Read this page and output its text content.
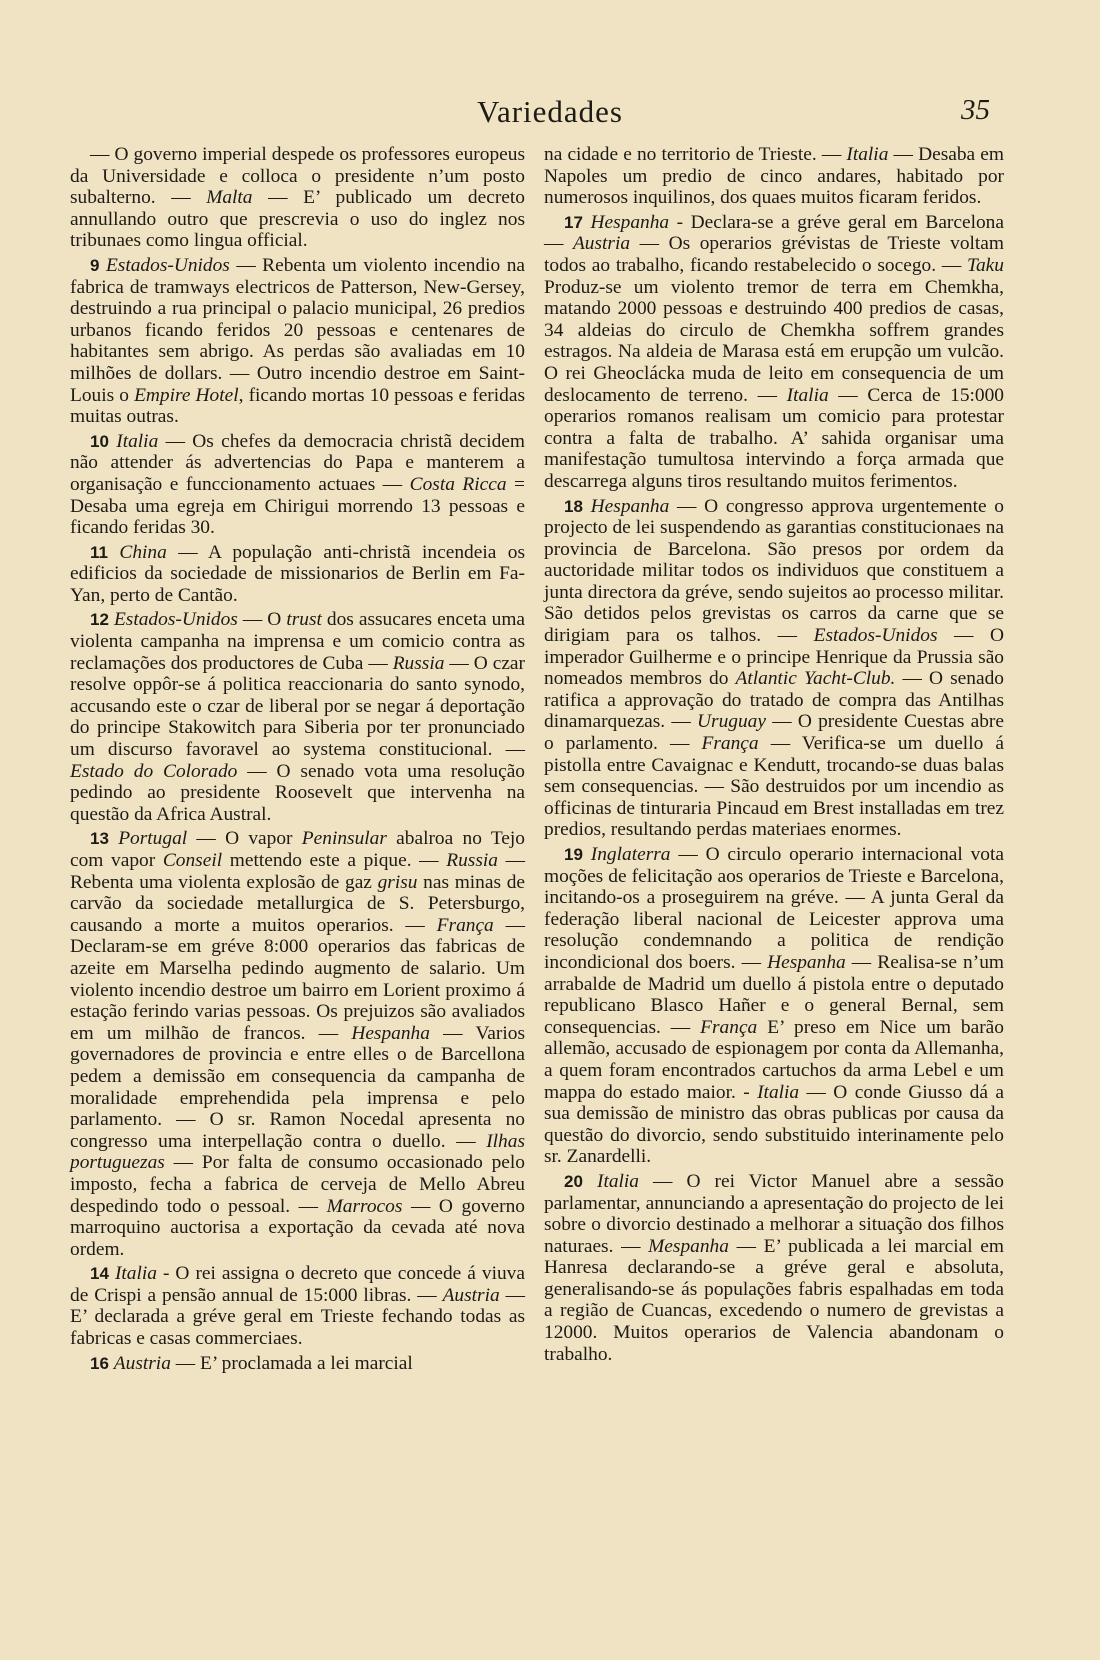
Variedades	35

— O governo imperial despede os professores europeus da Universidade e colloca o presidente n’um posto subalterno. — Malta — E’ publicado um decreto annullando outro que prescrevia o uso do inglez nos tribunaes como lingua official.

9 Estados-Unidos — Rebenta um violento incendio na fabrica de tramways electricos de Patterson, New-Gersey, destruindo a rua principal o palacio municipal, 26 predios urbanos ficando feridos 20 pessoas e centenares de habitantes sem abrigo. As perdas são avaliadas em 10 milhões de dollars. — Outro incendio destroe em Saint-Louis o Empire Hotel, ficando mortas 10 pessoas e feridas muitas outras.

10 Italia — Os chefes da democracia christã decidem não attender ás advertencias do Papa e manterem a organisação e funccionamento actuaes — Costa Ricca = Desaba uma egreja em Chirigui morrendo 13 pessoas e ficando feridas 30.

11 China — A população anti-christã incendeia os edificios da sociedade de missionarios de Berlin em Fa-Yan, perto de Cantão.

12 Estados-Unidos — O trust dos assucares enceta uma violenta campanha na imprensa e um comicio contra as reclamações dos productores de Cuba — Russia — O czar resolve oppôr-se á politica reaccionaria do santo synodo, accusando este o czar de liberal por se negar á deportação do principe Stakowitch para Siberia por ter pronunciado um discurso favoravel ao systema constitucional. — Estado do Colorado — O senado vota uma resolução pedindo ao presidente Roosevelt que intervenha na questão da Africa Austral.

13 Portugal — O vapor Peninsular abalroa no Tejo com vapor Conseil mettendo este a pique. — Russia — Rebenta uma violenta explosão de gaz grisu nas minas de carvão da sociedade metallurgica de S. Petersburgo, causando a morte a muitos operarios. — França — Declaram-se em gréve 8:000 operarios das fabricas de azeite em Marselha pedindo augmento de salario. Um violento incendio destroe um bairro em Lorient proximo á estação ferindo varias pessoas. Os prejuizos são avaliados em um milhão de francos. — Hespanha — Varios governadores de provincia e entre elles o de Barcellona pedem a demissão em consequencia da campanha de moralidade emprehendida pela imprensa e pelo parlamento. — O sr. Ramon Nocedal apresenta no congresso uma interpellação contra o duello. — Ilhas portuguezas — Por falta de consumo occasionado pelo imposto, fecha a fabrica de cerveja de Mello Abreu despedindo todo o pessoal. — Marrocos — O governo marroquino auctorisa a exportação da cevada até nova ordem.

14 Italia - O rei assigna o decreto que concede á viuva de Crispi a pensão annual de 15:000 libras. — Austria — E’ declarada a gréve geral em Trieste fechando todas as fabricas e casas commerciaes.

16 Austria — E’ proclamada a lei marcial

na cidade e no territorio de Trieste. — Italia — Desaba em Napoles um predio de cinco andares, habitado por numerosos inquilinos, dos quaes muitos ficaram feridos.

17 Hespanha - Declara-se a gréve geral em Barcelona — Austria — Os operarios grévistas de Trieste voltam todos ao trabalho, ficando restabelecido o socego. — Taku Produz-se um violento tremor de terra em Chemkha, matando 2000 pessoas e destruindo 400 predios de casas, 34 aldeias do circulo de Chemkha soffrem grandes estragos. Na aldeia de Marasa está em erupção um vulcão. O rei Gheoclácka muda de leito em consequencia de um deslocamento de terreno. — Italia — Cerca de 15:000 operarios romanos realisam um comicio para protestar contra a falta de trabalho. A’ sahida organisar uma manifestação tumultosa intervindo a força armada que descarrega alguns tiros resultando muitos ferimentos.

18 Hespanha — O congresso approva urgentemente o projecto de lei suspendendo as garantias constitucionaes na provincia de Barcelona. São presos por ordem da auctoridade militar todos os individuos que constituem a junta directora da gréve, sendo sujeitos ao processo militar. São detidos pelos grevistas os carros da carne que se dirigiam para os talhos. — Estados-Unidos — O imperador Guilherme e o principe Henrique da Prussia são nomeados membros do Atlantic Yacht-Club. — O senado ratifica a approvação do tratado de compra das Antilhas dinamarquezas. — Uruguay — O presidente Cuestas abre o parlamento. — França — Verifica-se um duello á pistolla entre Cavaignac e Kendutt, trocando-se duas balas sem consequencias. — São destruidos por um incendio as officinas de tinturaria Pincaud em Brest installadas em trez predios, resultando perdas materiaes enormes.

19 Inglaterra — O circulo operario internacional vota moções de felicitação aos operarios de Trieste e Barcelona, incitando-os a proseguirem na gréve. — A junta Geral da federação liberal nacional de Leicester approva uma resolução condemnando a politica de rendição incondicional dos boers. — Hespanha — Realisa-se n’um arrabalde de Madrid um duello á pistola entre o deputado republicano Blasco Hañer e o general Bernal, sem consequencias. — França E’ preso em Nice um barão allemão, accusado de espionagem por conta da Allemanha, a quem foram encontrados cartuchos da arma Lebel e um mappa do estado maior. - Italia — O conde Giusso dá a sua demissão de ministro das obras publicas por causa da questão do divorcio, sendo substituido interinamente pelo sr. Zanardelli.

20 Italia — O rei Victor Manuel abre a sessão parlamentar, annunciando a apresentação do projecto de lei sobre o divorcio destinado a melhorar a situação dos filhos naturaes. — Mespanha — E’ publicada a lei marcial em Hanresa declarando-se a gréve geral e absoluta, generalisando-se ás populações fabris espalhadas em toda a região de Cuancas, excedendo o numero de grevistas a 12000. Muitos operarios de Valencia abandonam o trabalho.
